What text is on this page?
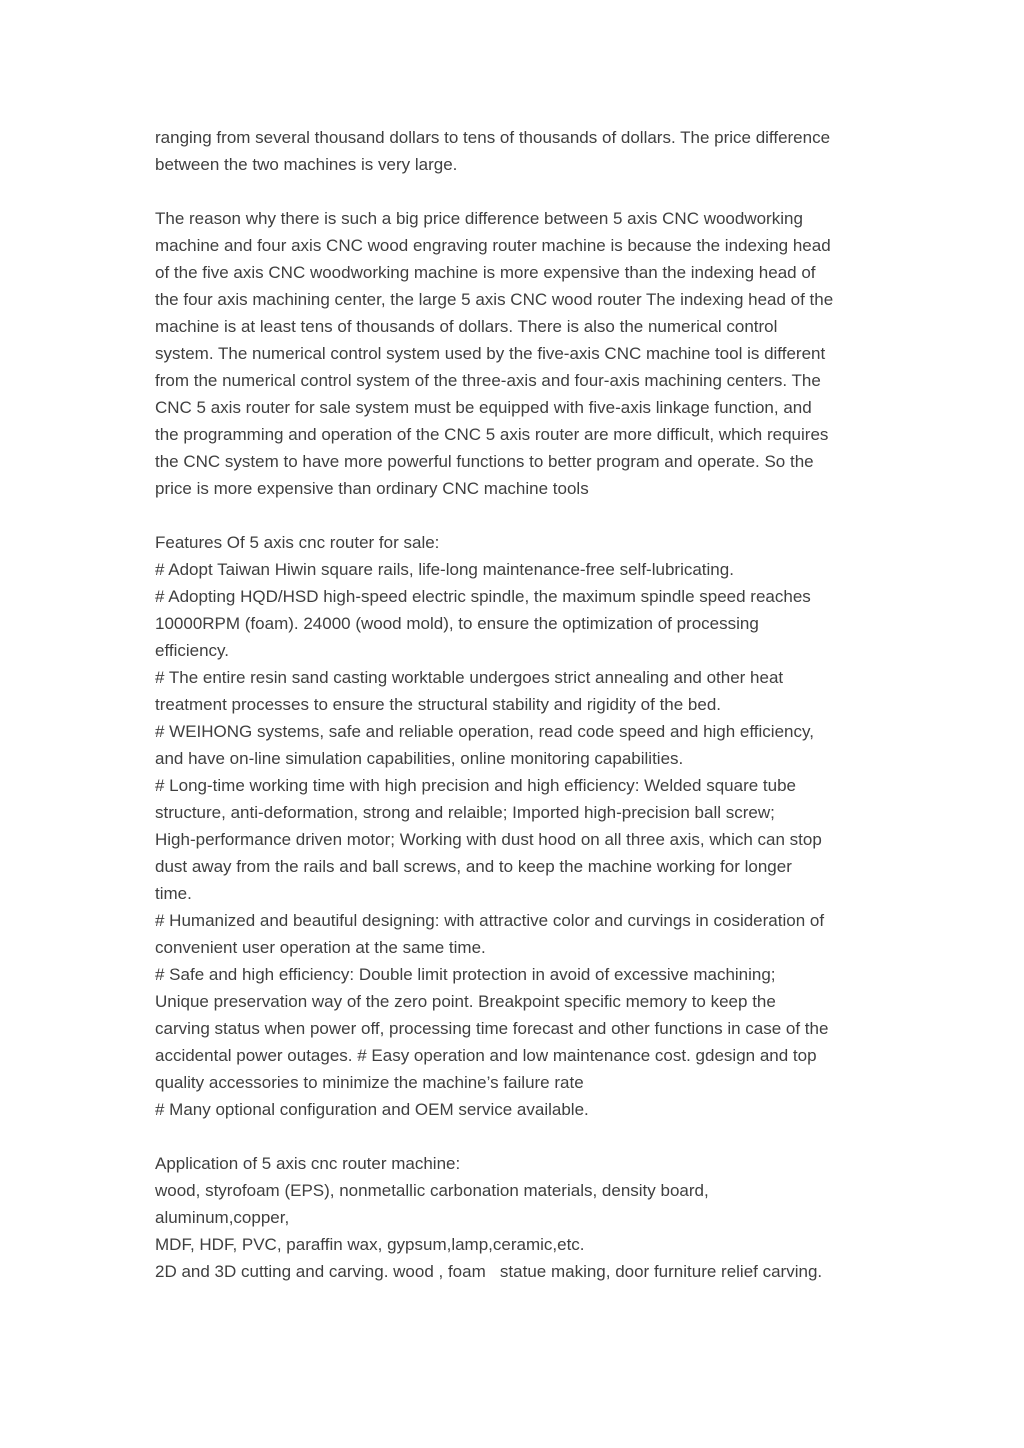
ranging from several thousand dollars to tens of thousands of dollars. The price difference
between the two machines is very large.
The reason why there is such a big price difference between 5 axis CNC woodworking
machine and four axis CNC wood engraving router machine is because the indexing head
of the five axis CNC woodworking machine is more expensive than the indexing head of
the four axis machining center, the large 5 axis CNC wood router The indexing head of the
machine is at least tens of thousands of dollars. There is also the numerical control
system. The numerical control system used by the five-axis CNC machine tool is different
from the numerical control system of the three-axis and four-axis machining centers. The
CNC 5 axis router for sale system must be equipped with five-axis linkage function, and
the programming and operation of the CNC 5 axis router are more difficult, which requires
the CNC system to have more powerful functions to better program and operate. So the
price is more expensive than ordinary CNC machine tools
Features Of 5 axis cnc router for sale:
# Adopt Taiwan Hiwin square rails, life-long maintenance-free self-lubricating.
# Adopting HQD/HSD high-speed electric spindle, the maximum spindle speed reaches
10000RPM (foam). 24000 (wood mold), to ensure the optimization of processing
efficiency.
# The entire resin sand casting worktable undergoes strict annealing and other heat
treatment processes to ensure the structural stability and rigidity of the bed.
# WEIHONG systems, safe and reliable operation, read code speed and high efficiency,
and have on-line simulation capabilities, online monitoring capabilities.
# Long-time working time with high precision and high efficiency: Welded square tube
structure, anti-deformation, strong and relaible; Imported high-precision ball screw;
High-performance driven motor; Working with dust hood on all three axis, which can stop
dust away from the rails and ball screws, and to keep the machine working for longer
time.
# Humanized and beautiful designing: with attractive color and curvings in cosideration of
convenient user operation at the same time.
# Safe and high efficiency: Double limit protection in avoid of excessive machining;
Unique preservation way of the zero point. Breakpoint specific memory to keep the
carving status when power off, processing time forecast and other functions in case of the
accidental power outages. # Easy operation and low maintenance cost. gdesign and top
quality accessories to minimize the machine’s failure rate
# Many optional configuration and OEM service available.
Application of 5 axis cnc router machine:
wood, styrofoam (EPS), nonmetallic carbonation materials, density board,
aluminum,copper,
MDF, HDF, PVC, paraffin wax, gypsum,lamp,ceramic,etc.
2D and 3D cutting and carving. wood , foam   statue making, door furniture relief carving.
